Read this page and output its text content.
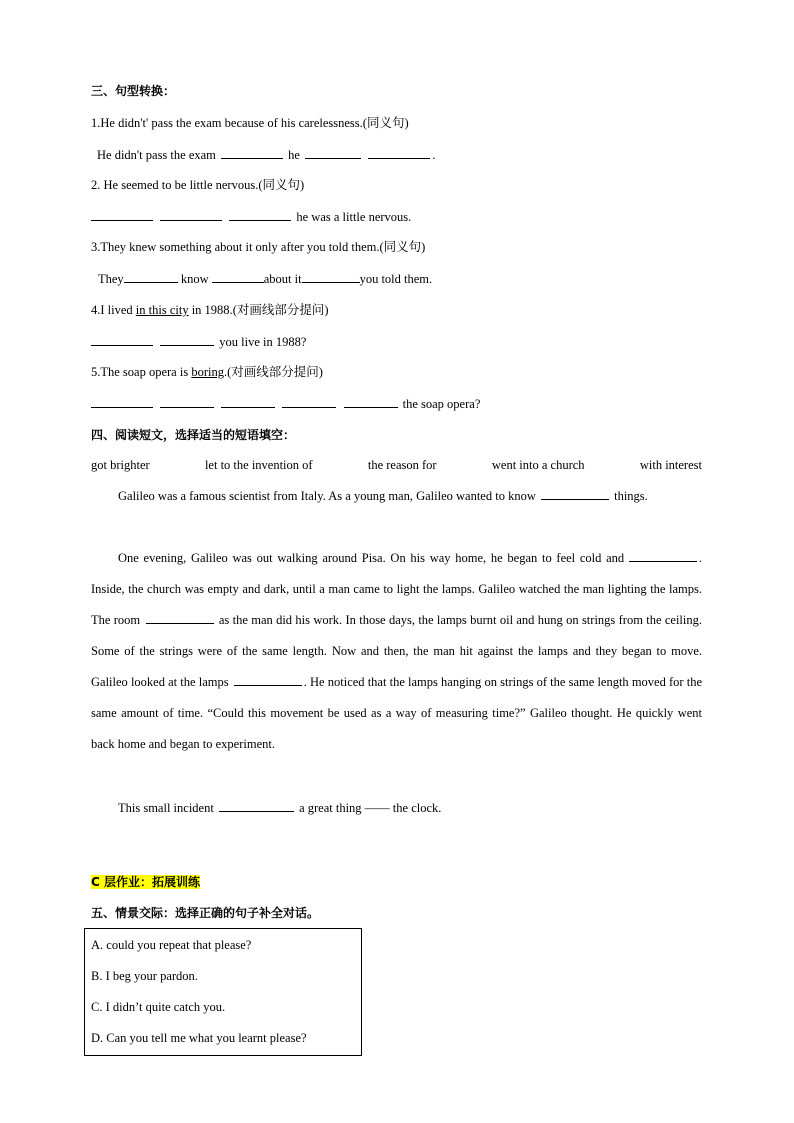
三、句型转换：
1.He didn't' pass the exam because of his carelessness.(同义句)
He didn't pass the exam	he	.
2. He seemed to be little nervous.(同义句)
he was a little nervous.
3.They knew something about it only after you told them.(同义句)
They	know	about it	you told them.
4.I lived in this city in 1988.(对画线部分提问)
you live in 1988?
5.The soap opera is boring.(对画线部分提问)
the soap opera?
四、阅读短文，选择适当的短语填空：
got brighter	let to the invention of	the reason for	went into a church	with interest
Galileo was a famous scientist from Italy. As a young man, Galileo wanted to know	things.
One evening, Galileo was out walking around Pisa. On his way home, he began to feel cold and	. Inside, the church was empty and dark, until a man came to light the lamps. Galileo watched the man lighting the lamps. The room	as the man did his work. In those days, the lamps burnt oil and hung on strings from the ceiling. Some of the strings were of the same length. Now and then, the man hit against the lamps and they began to move. Galileo looked at the lamps	. He noticed that the lamps hanging on strings of the same length moved for the same amount of time. “Could this movement be used as a way of measuring time?” Galileo thought. He quickly went back home and began to experiment.
This small incident	a great thing —— the clock.
C 层作业：拓展训练
五、情景交际：选择正确的句子补全对话。
A. could you repeat that please?
B. I beg your pardon.
C. I didn’t quite catch you.
D. Can you tell me what you learnt please?
